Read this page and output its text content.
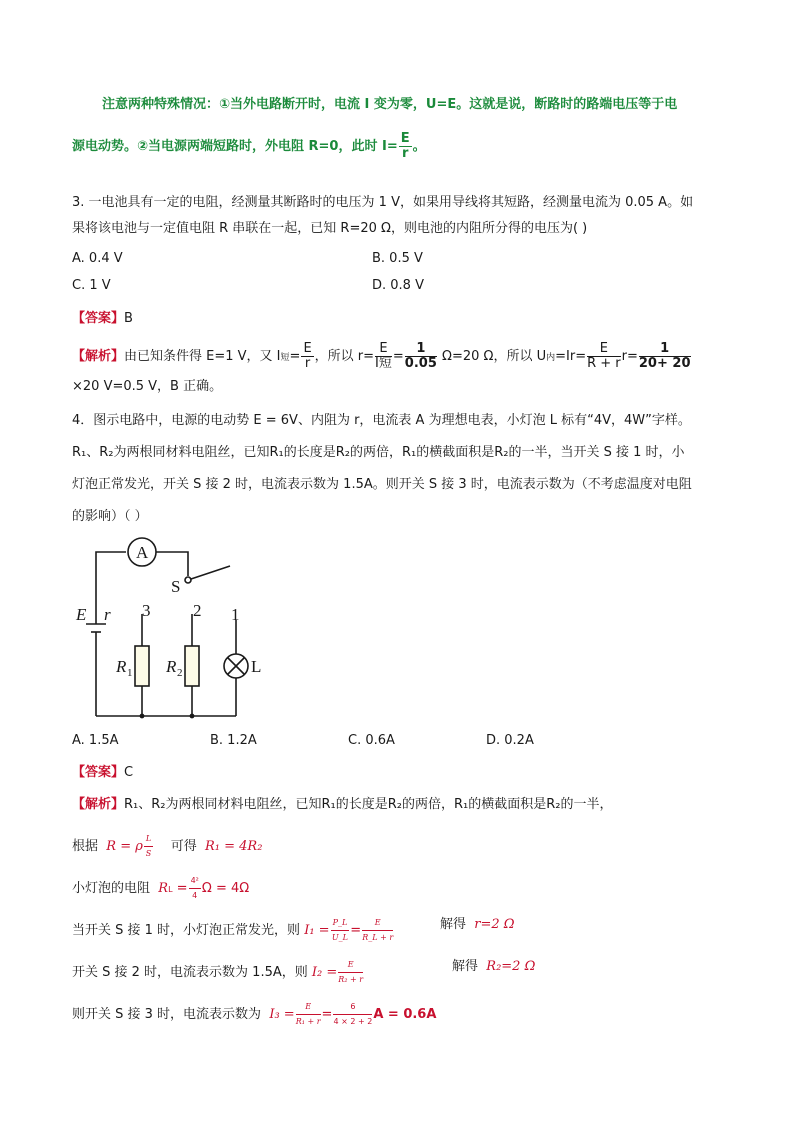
注意两种特殊情况：①当外电路断开时，电流 I 变为零，U=E。这就是说，断路时的路端电压等于电
源电动势。②当电源两端短路时，外电阻 R=0，此时 $I= \frac{E}{r}$ 。
3. 一电池具有一定的电阻，经测量其断路时的电压为 1 V，如果用导线将其短路，经测量电流为 0.05 A。如
果将该电池与一定值电阻 R 串联在一起，已知 R=20 Ω，则电池的内阻所分得的电压为( )
A. 0.4 V	B. 0.5 V
C. 1 V	D. 0.8 V
【答案】B
【解析】由已知条件得 E=1 V，又 I短= $\frac{E}{r}$ ，所以 $r= \frac{E}{\text{I短}} = \frac{1}{0.05} \Omega=20$ Ω，所以 U内$=Ir= \frac{E}{R + r} r= \frac{1}{20+ 20}$
×20 V=0.5 V，B 正确。
4．图示电路中，电源的电动势 E = 6V、内阻为 r，电流表 A 为理想电表，小灯泡 L 标有“4V，4W”字样。
R₁、R₂为两根同材料电阻丝，已知R₁的长度是R₂的两倍，R₁的横截面积是R₂的一半，当开关 S 接 1 时，小
灯泡正常发光，开关 S 接 2 时，电流表示数为 1.5A。则开关 S 接 3 时，电流表示数为（不考虑温度对电阻
的影响）（ ）
A
S
E r 3	2 1
R 1 R 2	L
A. 1.5A	B. 1.2A	C. 0.6A	D. 0.2A
【答案】C
【解析】R₁、R₂为两根同材料电阻丝，已知R₁的长度是R₂的两倍，R₁的横截面积是R₂的一半，
根据 R = ρ $\frac{L}{S}$ 可得 R₁ = 4R₂
小灯泡的电阻 RL = $\frac{\text{4²}}{4}$ Ω = 4Ω
当开关 S 接 1 时，小灯泡正常发光，则 $I_1 = \frac{P\_L}{U\_L} = \frac{E}{R\_L + r}$	解得 r=2 Ω
开关 S 接 2 时，电流表示数为 1.5A，则 $I_2 = \frac{E}{\text{R₂ + r}}$	解得 R₂=2 Ω
则开关 S 接 3 时，电流表示数为 $I_3 = \frac{E}{\text{R₁ + r}} = \frac{6}{4 \times 2 + 2}$ A = 0.6A
